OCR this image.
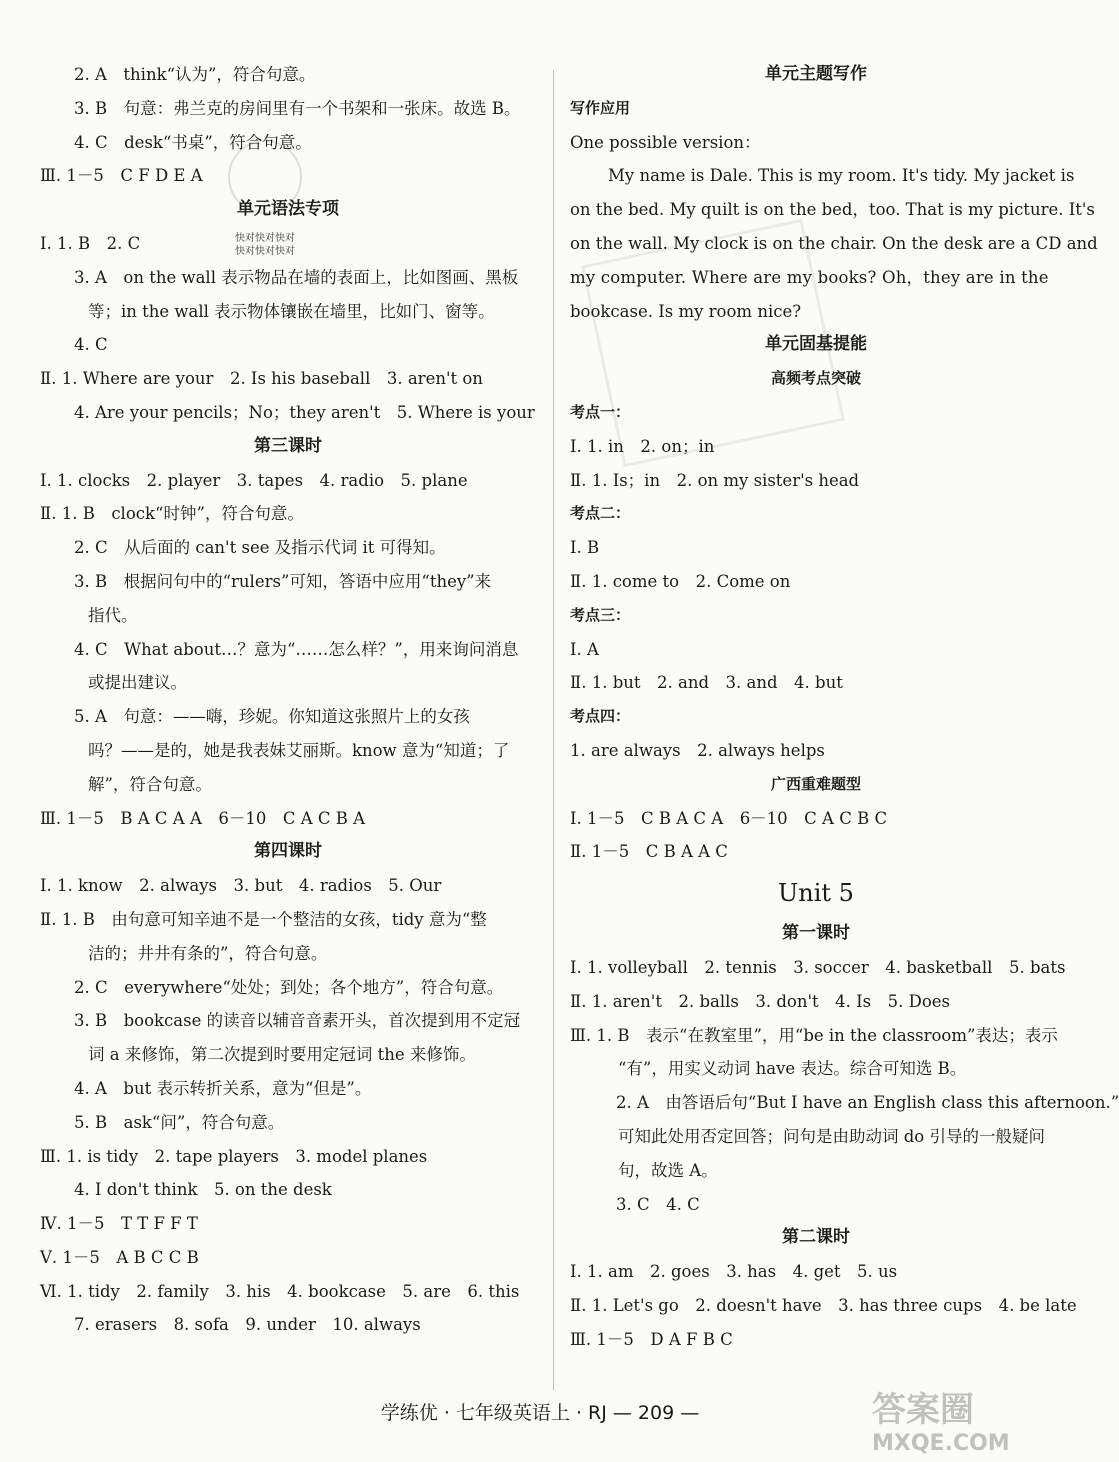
快对快对快对
快对快对快对
2. A　think“认为”，符合句意。
3. B　句意：弗兰克的房间里有一个书架和一张床。故选 B。
4. C　desk“书桌”，符合句意。
Ⅲ. 1－5　C F D E A
单元语法专项
Ⅰ. 1. B　2. C
3. A　on the wall 表示物品在墙的表面上，比如图画、黑板
等；in the wall 表示物体镶嵌在墙里，比如门、窗等。
4. C
Ⅱ. 1. Where are your　2. Is his baseball　3. aren't on
4. Are your pencils；No；they aren't　5. Where is your
第三课时
Ⅰ. 1. clocks　2. player　3. tapes　4. radio　5. plane
Ⅱ. 1. B　clock“时钟”，符合句意。
2. C　从后面的 can't see 及指示代词 it 可得知。
3. B　根据问句中的“rulers”可知，答语中应用“they”来
指代。
4. C　What about…？意为“……怎么样？”，用来询问消息
或提出建议。
5. A　句意：——嗨，珍妮。你知道这张照片上的女孩
吗？——是的，她是我表妹艾丽斯。know 意为“知道；了
解”，符合句意。
Ⅲ. 1－5　B A C A A　6－10　C A C B A
第四课时
Ⅰ. 1. know　2. always　3. but　4. radios　5. Our
Ⅱ. 1. B　由句意可知辛迪不是一个整洁的女孩，tidy 意为“整
洁的；井井有条的”，符合句意。
2. C　everywhere“处处；到处；各个地方”，符合句意。
3. B　bookcase 的读音以辅音音素开头，首次提到用不定冠
词 a 来修饰，第二次提到时要用定冠词 the 来修饰。
4. A　but 表示转折关系，意为“但是”。
5. B　ask“问”，符合句意。
Ⅲ. 1. is tidy　2. tape players　3. model planes
4. I don't think　5. on the desk
Ⅳ. 1－5　T T F F T
Ⅴ. 1－5　A B C C B
Ⅵ. 1. tidy　2. family　3. his　4. bookcase　5. are　6. this
7. erasers　8. sofa　9. under　10. always
单元主题写作
写作应用
One possible version：
My name is Dale. This is my room. It's tidy. My jacket is
on the bed. My quilt is on the bed，too. That is my picture. It's
on the wall. My clock is on the chair. On the desk are a CD and
my computer. Where are my books? Oh，they are in the
bookcase. Is my room nice?
单元固基提能
高频考点突破
考点一：
Ⅰ. 1. in　2. on；in
Ⅱ. 1. Is；in　2. on my sister's head
考点二：
Ⅰ. B
Ⅱ. 1. come to　2. Come on
考点三：
Ⅰ. A
Ⅱ. 1. but　2. and　3. and　4. but
考点四：
1. are always　2. always helps
广西重难题型
Ⅰ. 1－5　C B A C A　6－10　C A C B C
Ⅱ. 1－5　C B A A C
Unit 5
第一课时
Ⅰ. 1. volleyball　2. tennis　3. soccer　4. basketball　5. bats
Ⅱ. 1. aren't　2. balls　3. don't　4. Is　5. Does
Ⅲ. 1. B　表示“在教室里”，用“be in the classroom”表达；表示
“有”，用实义动词 have 表达。综合可知选 B。
2. A　由答语后句“But I have an English class this afternoon.”
可知此处用否定回答；问句是由助动词 do 引导的一般疑问
句，故选 A。
3. C　4. C
第二课时
Ⅰ. 1. am　2. goes　3. has　4. get　5. us
Ⅱ. 1. Let's go　2. doesn't have　3. has three cups　4. be late
Ⅲ. 1－5　D A F B C
学练优 · 七年级英语上 · RJ — 209 —	答案圈
MXQE.COM
